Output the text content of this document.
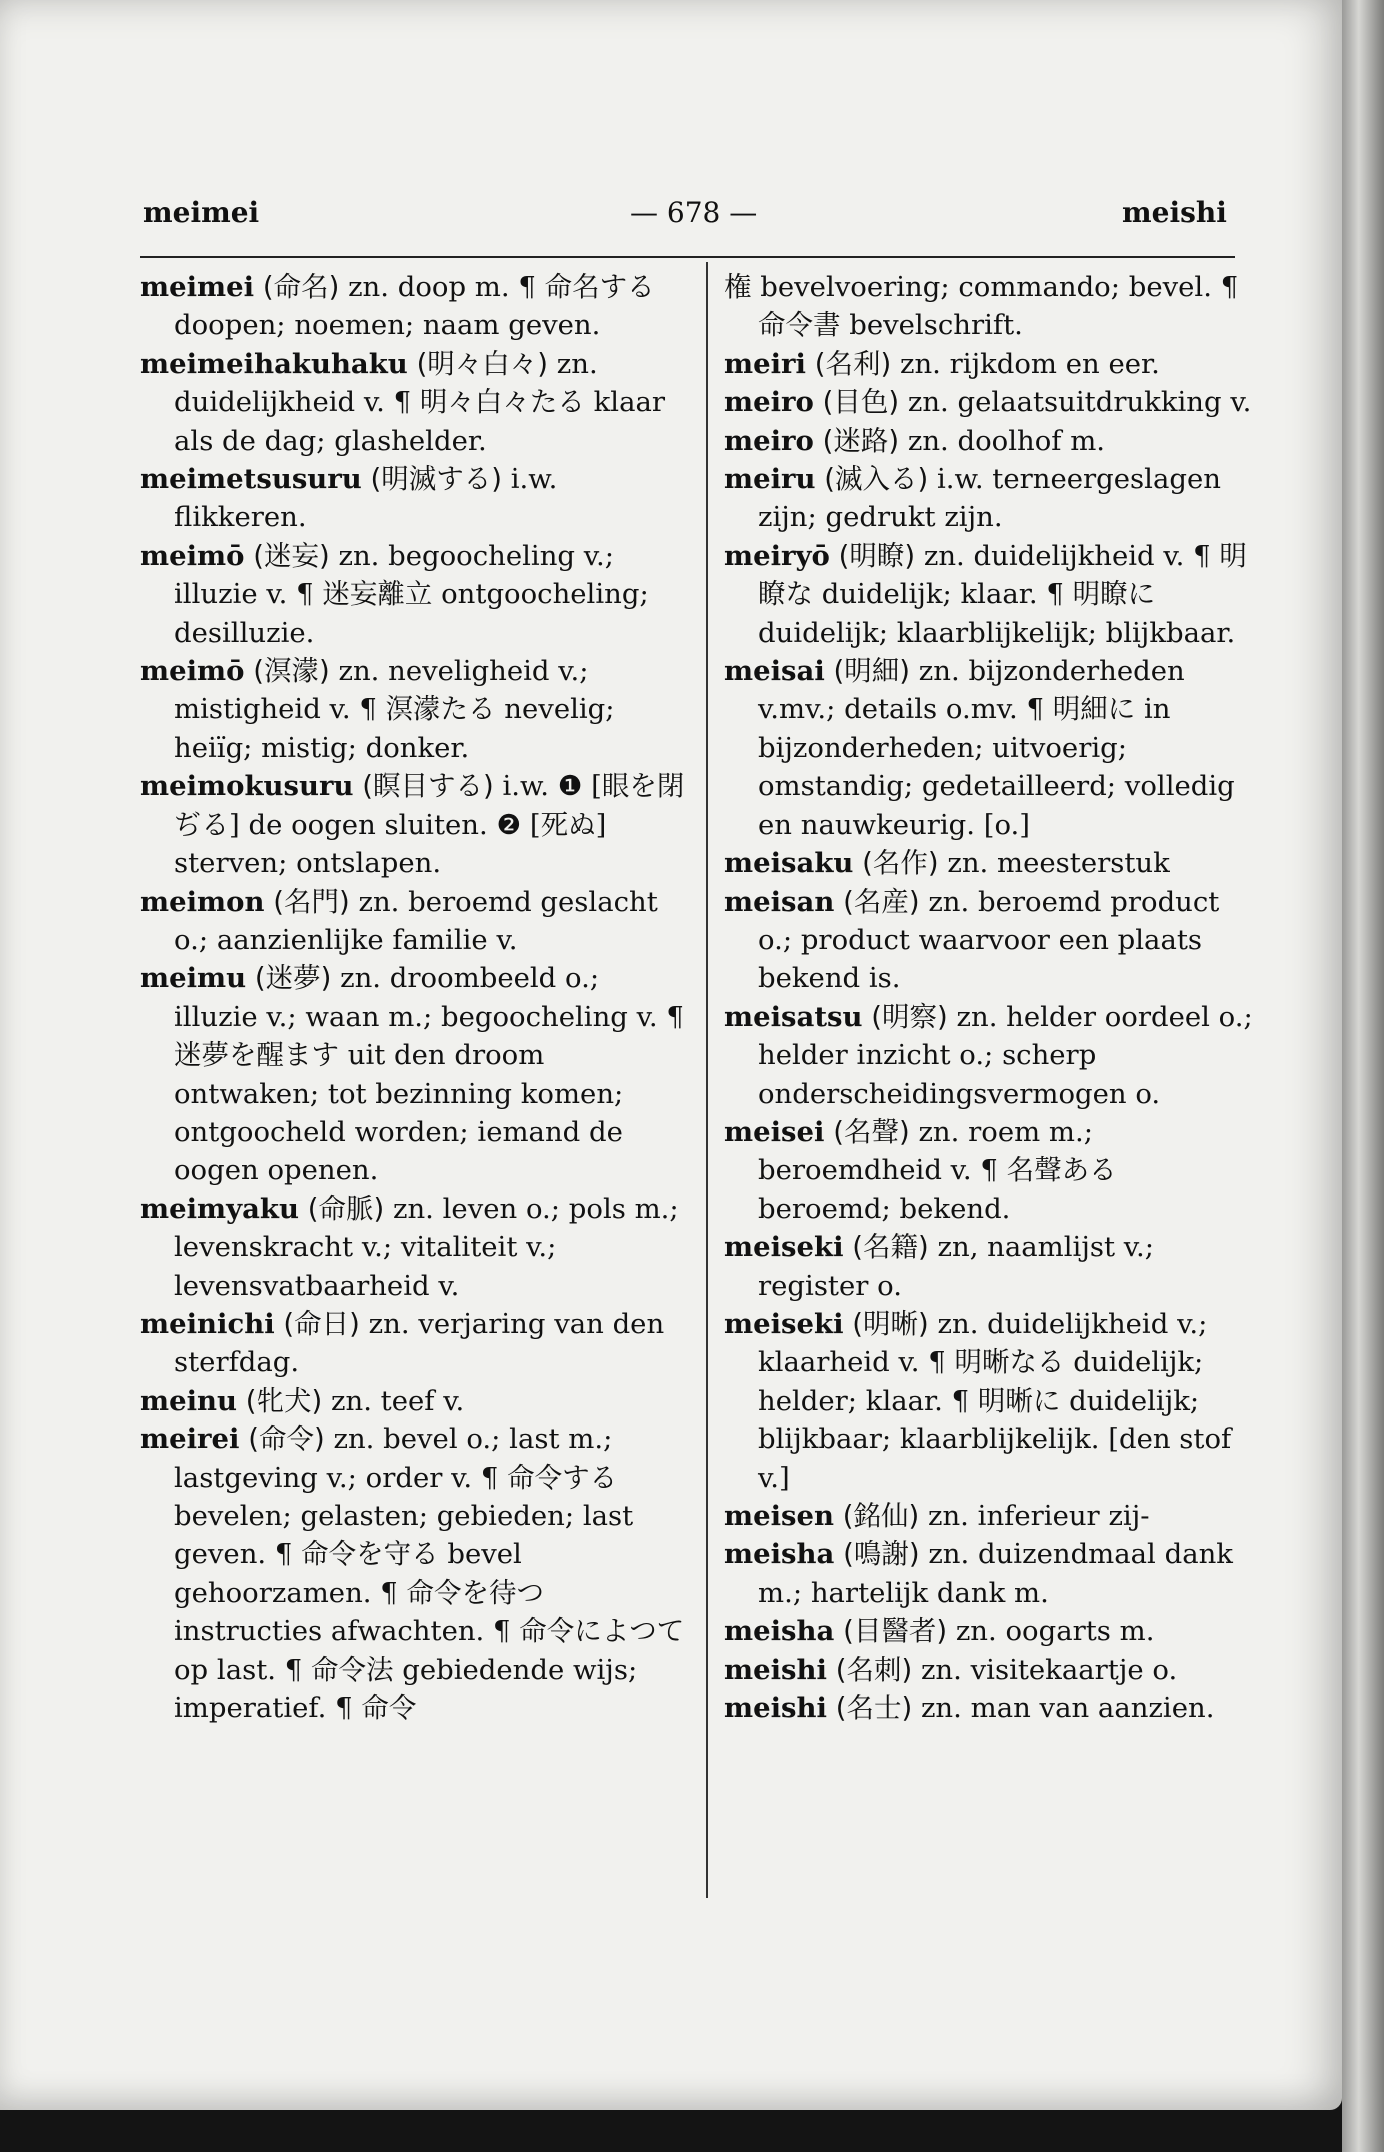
meimei	— 678 —	meishi

meimei (命名) zn. doop m. ¶ 命名する doopen; noemen; naam geven.

meimeihakuhaku (明々白々) zn. duidelijkheid v. ¶ 明々白々たる klaar als de dag; glashelder.

meimetsusuru (明滅する) i.w. flikkeren.

meimō (迷妄) zn. begoocheling v.; illuzie v. ¶ 迷妄離立 ontgoocheling; desilluzie.

meimō (溟濛) zn. neveligheid v.; mistigheid v. ¶ 溟濛たる nevelig; heiïg; mistig; donker.

meimokusuru (瞑目する) i.w. ❶ [眼を閉ぢる] de oogen sluiten. ❷ [死ぬ] sterven; ontslapen.

meimon (名門) zn. beroemd geslacht o.; aanzienlijke familie v.

meimu (迷夢) zn. droombeeld o.; illuzie v.; waan m.; begoocheling v. ¶ 迷夢を醒ます uit den droom ontwaken; tot bezinning komen; ontgoocheld worden; iemand de oogen openen.

meimyaku (命脈) zn. leven o.; pols m.; levenskracht v.; vitaliteit v.; levensvatbaarheid v.

meinichi (命日) zn. verjaring van den sterfdag.

meinu (牝犬) zn. teef v.

meirei (命令) zn. bevel o.; last m.; lastgeving v.; order v. ¶ 命令する bevelen; gelasten; gebieden; last geven. ¶ 命令を守る bevel gehoorzamen. ¶ 命令を待つ instructies afwachten. ¶ 命令によつて op last. ¶ 命令法 gebiedende wijs; imperatief. ¶ 命令

権 bevelvoering; commando; bevel. ¶ 命令書 bevelschrift.

meiri (名利) zn. rijkdom en eer.

meiro (目色) zn. gelaatsuitdrukking v.

meiro (迷路) zn. doolhof m.

meiru (滅入る) i.w. terneergeslagen zijn; gedrukt zijn.

meiryō (明瞭) zn. duidelijkheid v. ¶ 明瞭な duidelijk; klaar. ¶ 明瞭に duidelijk; klaarblijkelijk; blijkbaar.

meisai (明細) zn. bijzonderheden v.mv.; details o.mv. ¶ 明細に in bijzonderheden; uitvoerig; omstandig; gedetailleerd; volledig en nauwkeurig. [o.]

meisaku (名作) zn. meesterstuk

meisan (名産) zn. beroemd product o.; product waarvoor een plaats bekend is.

meisatsu (明察) zn. helder oordeel o.; helder inzicht o.; scherp onderscheidingsvermogen o.

meisei (名聲) zn. roem m.; beroemdheid v. ¶ 名聲ある beroemd; bekend.

meiseki (名籍) zn, naamlijst v.; register o.

meiseki (明晰) zn. duidelijkheid v.; klaarheid v. ¶ 明晰なる duidelijk; helder; klaar. ¶ 明晰に duidelijk; blijkbaar; klaarblijkelijk. [den stof v.]

meisen (銘仙) zn. inferieur zij-

meisha (鳴謝) zn. duizendmaal dank m.; hartelijk dank m.

meisha (目醫者) zn. oogarts m.

meishi (名刺) zn. visitekaartje o.

meishi (名士) zn. man van aanzien.
